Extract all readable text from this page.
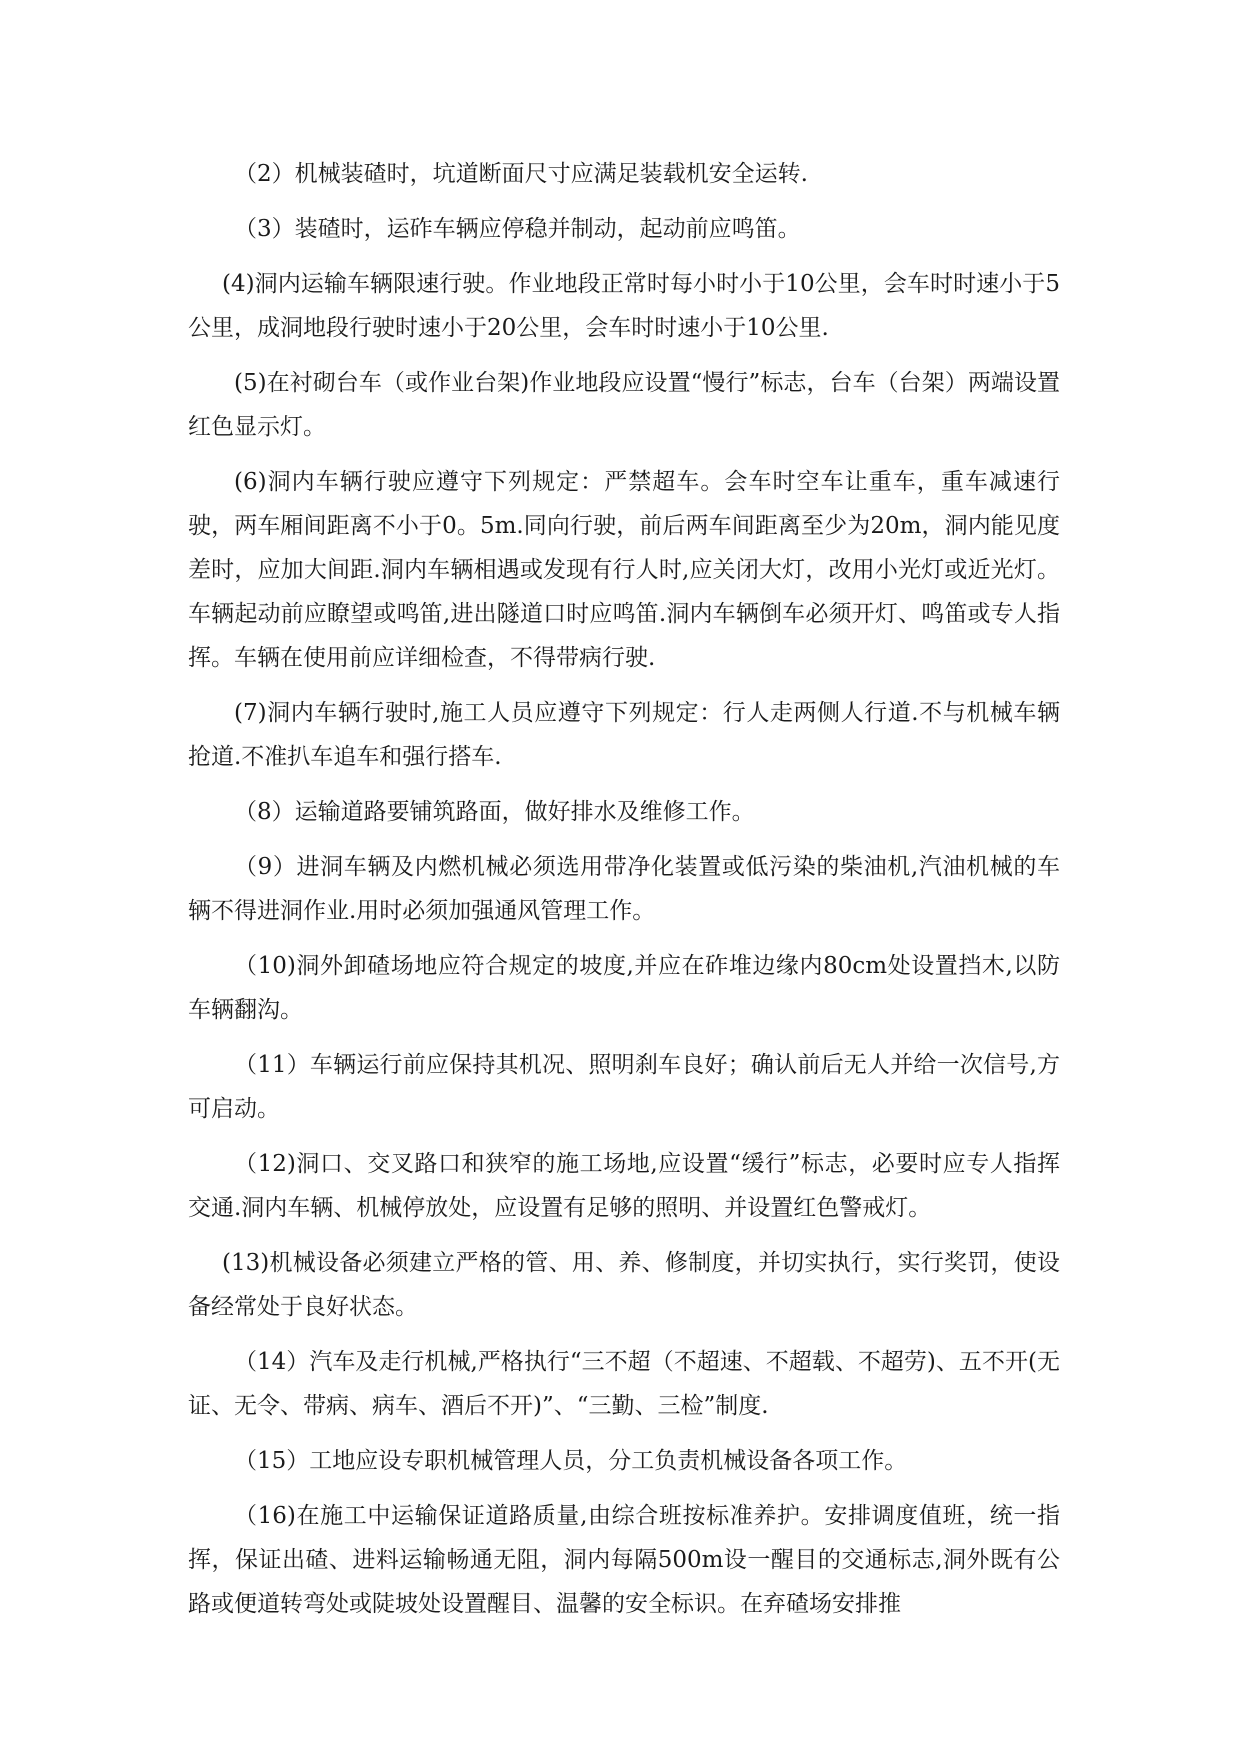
（2）机械装碴时，坑道断面尺寸应满足装载机安全运转.

（3）装碴时，运砟车辆应停稳并制动，起动前应鸣笛。

(4)洞内运输车辆限速行驶。作业地段正常时每小时小于10公里，会车时时速小于5公里，成洞地段行驶时速小于20公里，会车时时速小于10公里.

(5)在衬砌台车（或作业台架)作业地段应设置“慢行”标志，台车（台架）两端设置红色显示灯。

(6)洞内车辆行驶应遵守下列规定：严禁超车。会车时空车让重车，重车减速行驶，两车厢间距离不小于0。5m.同向行驶，前后两车间距离至少为20m，洞内能见度差时，应加大间距.洞内车辆相遇或发现有行人时,应关闭大灯，改用小光灯或近光灯。车辆起动前应瞭望或鸣笛,进出隧道口时应鸣笛.洞内车辆倒车必须开灯、鸣笛或专人指挥。车辆在使用前应详细检查，不得带病行驶.

(7)洞内车辆行驶时,施工人员应遵守下列规定：行人走两侧人行道.不与机械车辆抢道.不准扒车追车和强行搭车.

（8）运输道路要铺筑路面，做好排水及维修工作。

（9）进洞车辆及内燃机械必须选用带净化装置或低污染的柴油机,汽油机械的车辆不得进洞作业.用时必须加强通风管理工作。

（10)洞外卸碴场地应符合规定的坡度,并应在砟堆边缘内80cm处设置挡木,以防车辆翻沟。

（11）车辆运行前应保持其机况、照明刹车良好；确认前后无人并给一次信号,方可启动。

（12)洞口、交叉路口和狭窄的施工场地,应设置“缓行”标志，必要时应专人指挥交通.洞内车辆、机械停放处，应设置有足够的照明、并设置红色警戒灯。

(13)机械设备必须建立严格的管、用、养、修制度，并切实执行，实行奖罚，使设备经常处于良好状态。

（14）汽车及走行机械,严格执行“三不超（不超速、不超载、不超劳)、五不开(无证、无令、带病、病车、酒后不开)”、“三勤、三检”制度.

（15）工地应设专职机械管理人员，分工负责机械设备各项工作。

（16)在施工中运输保证道路质量,由综合班按标准养护。安排调度值班，统一指挥，保证出碴、进料运输畅通无阻，洞内每隔500m设一醒目的交通标志,洞外既有公路或便道转弯处或陡坡处设置醒目、温馨的安全标识。在弃碴场安排推
